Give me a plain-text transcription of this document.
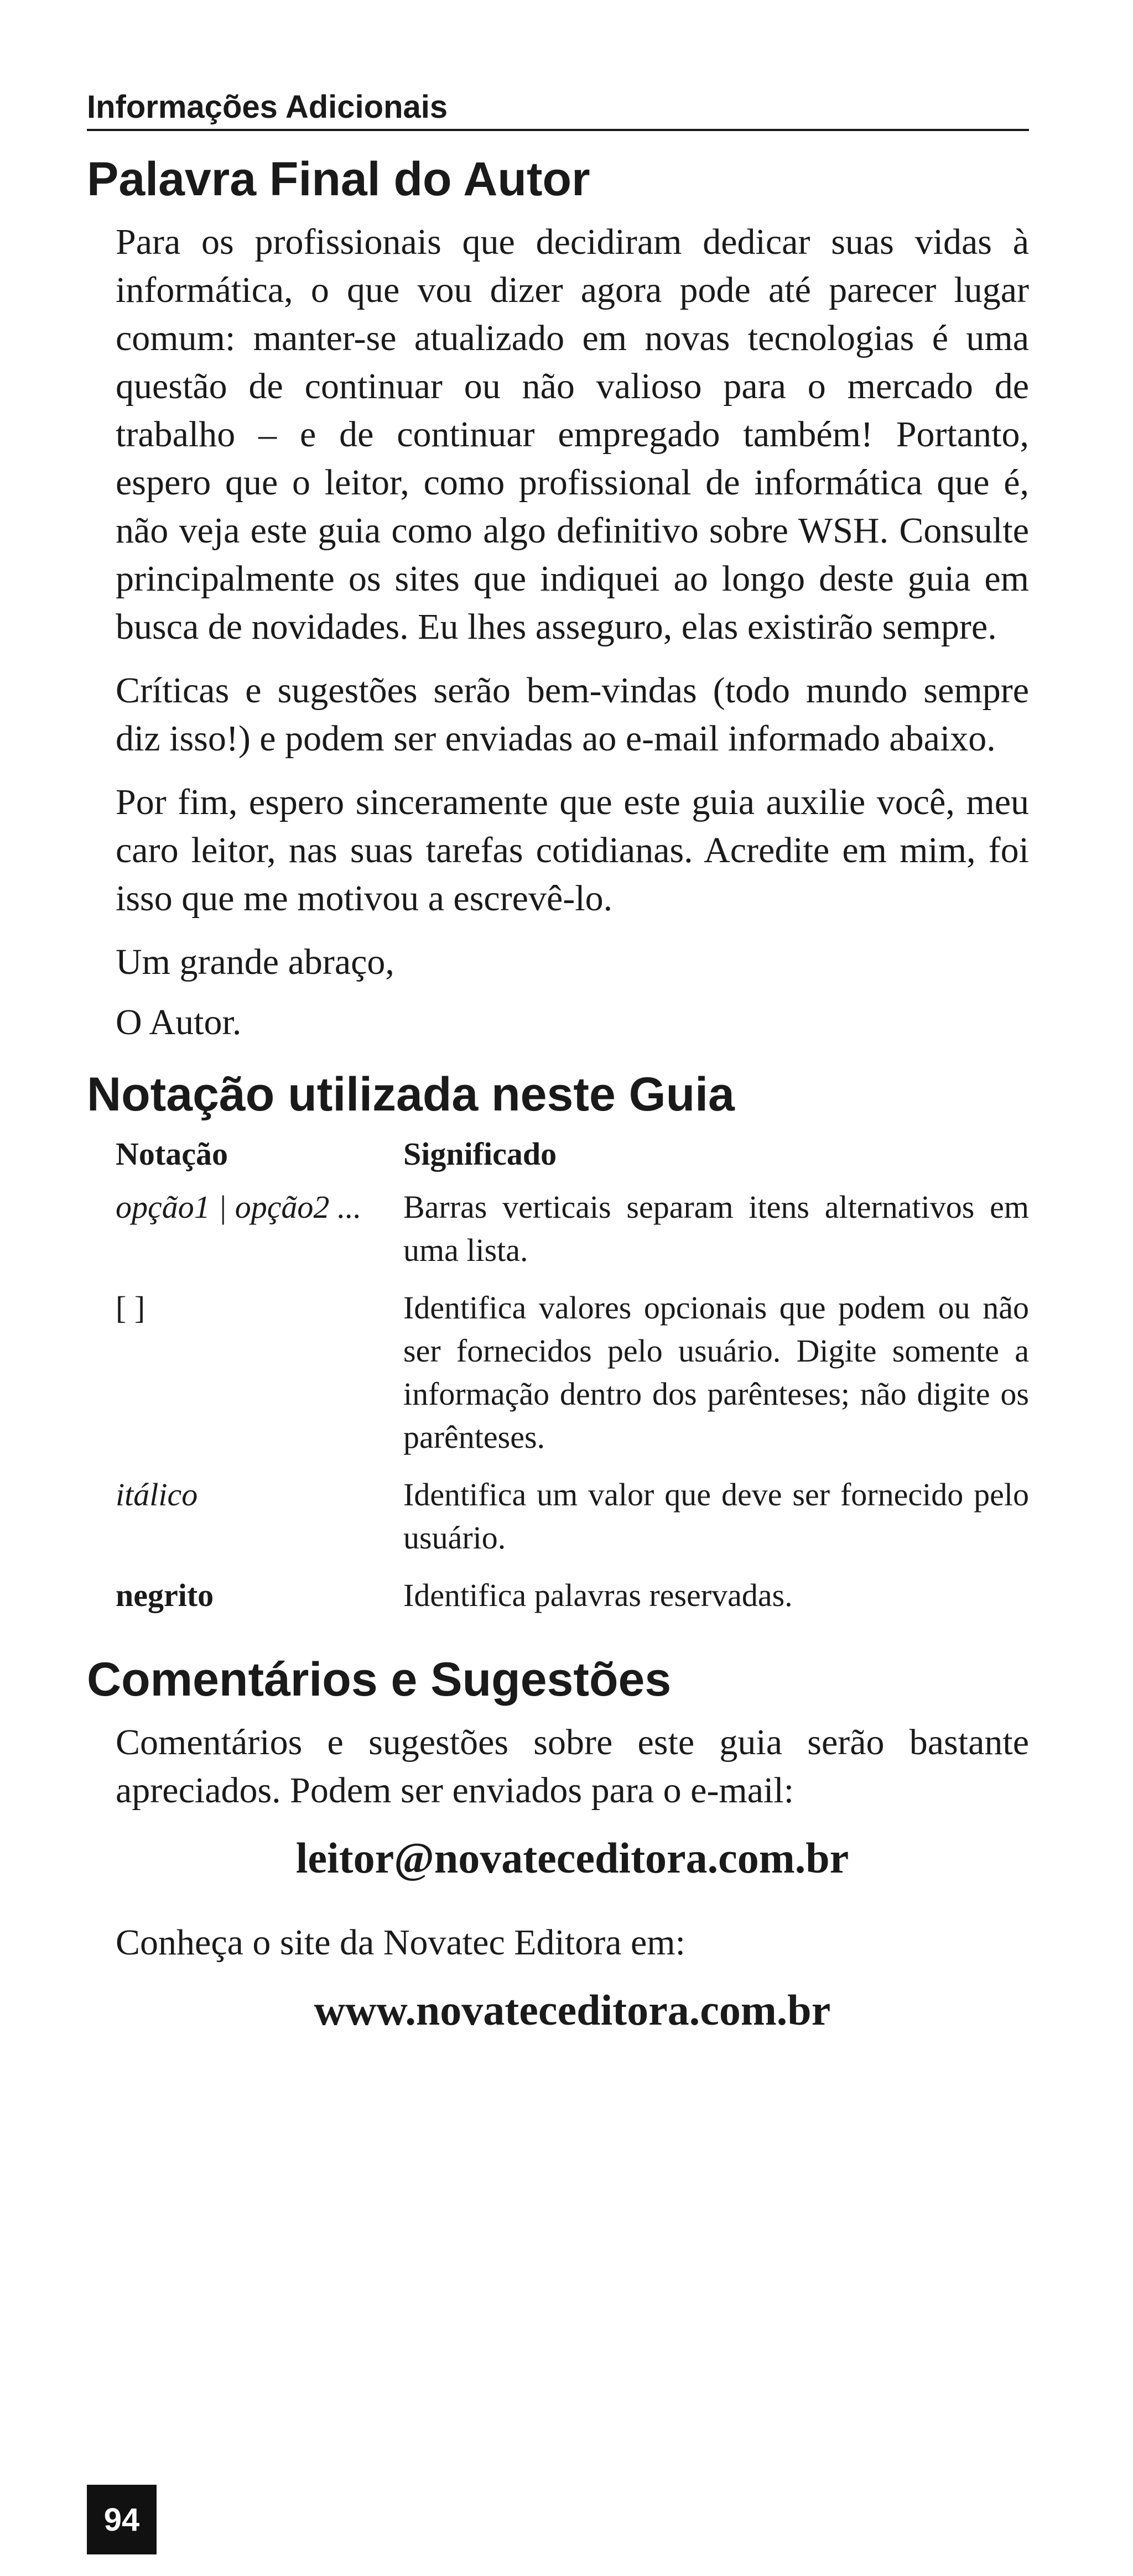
Informações Adicionais
Palavra Final do Autor

Para os profissionais que decidiram dedicar suas vidas à informática, o que vou dizer agora pode até parecer lugar comum: manter-se atualizado em novas tecnologias é uma questão de continuar ou não valioso para o mercado de trabalho – e de continuar empregado também! Portanto, espero que o leitor, como profissional de informática que é, não veja este guia como algo definitivo sobre WSH. Consulte principalmente os sites que indiquei ao longo deste guia em busca de novidades. Eu lhes asseguro, elas existirão sempre.

Críticas e sugestões serão bem-vindas (todo mundo sempre diz isso!) e podem ser enviadas ao e-mail informado abaixo.

Por fim, espero sinceramente que este guia auxilie você, meu caro leitor, nas suas tarefas cotidianas. Acredite em mim, foi isso que me motivou a escrevê-lo.

Um grande abraço,

O Autor.

Notação utilizada neste Guia
Notação	Significado
opção1 | opção2 ...	Barras verticais separam itens alternativos em uma lista.
[ ]	Identifica valores opcionais que podem ou não ser fornecidos pelo usuário. Digite somente a informação dentro dos parênteses; não digite os parênteses.
itálico	Identifica um valor que deve ser fornecido pelo usuário.
negrito	Identifica palavras reservadas.
Comentários e Sugestões

Comentários e sugestões sobre este guia serão bastante apreciados. Podem ser enviados para o e-mail:

leitor@novateceditora.com.br

Conheça o site da Novatec Editora em:

www.novateceditora.com.br
94
